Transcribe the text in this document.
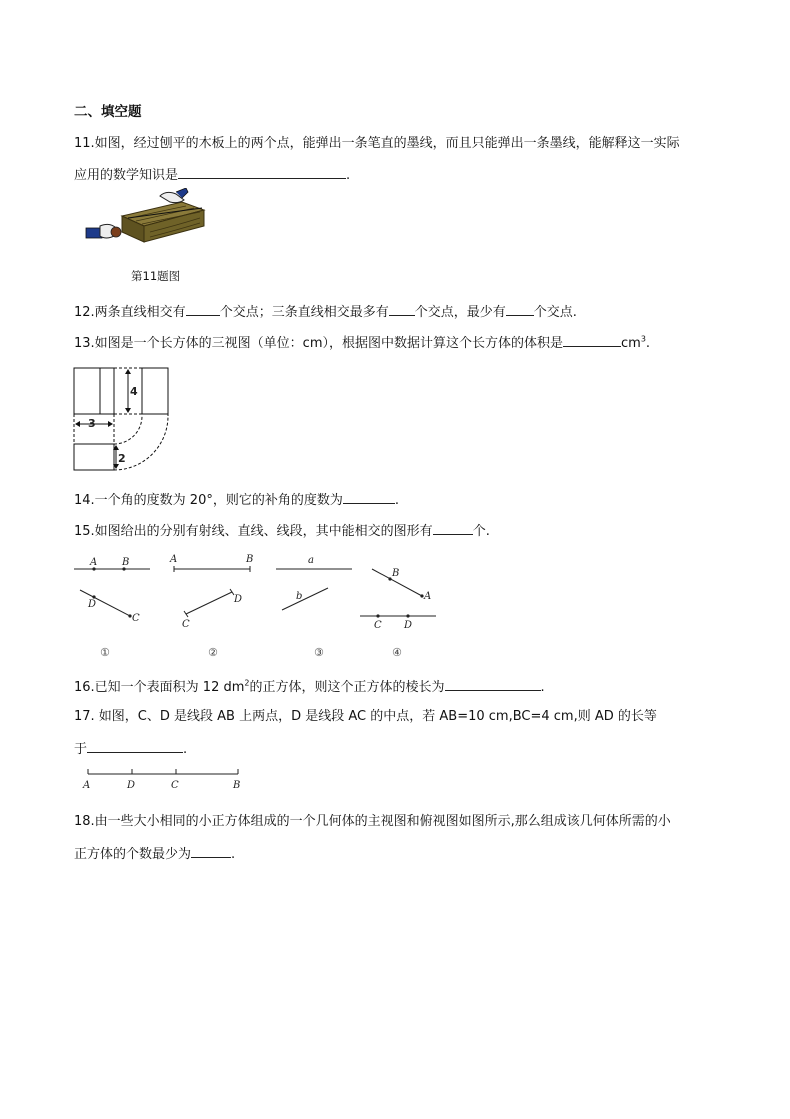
二、填空题
11.如图，经过刨平的木板上的两个点，能弹出一条笔直的墨线，而且只能弹出一条墨线，能解释这一实际
应用的数学知识是	.
第11题图
12.两条直线相交有	个交点；三条直线相交最多有 个交点，最少有 个交点.
13.如图是一个长方体的三视图（单位：cm），根据图中数据计算这个长方体的体积是	$cm^3$.
4
3
2
14.一个角的度数为 20°，则它的补角的度数为	.
15.如图给出的分别有射线、直线、线段，其中能相交的图形有	个.
A B
D
C
①
A	B
D
C
②
a
b
③
B
A
C D
④
16.已知一个表面积为 12 $dm^2$的正方体，则这个正方体的棱长为	.
17. 如图，C、D 是线段 AB 上两点，D 是线段 AC 的中点，若 AB=10 cm,BC=4 cm,则 AD 的长等
于	.
A	D	C	B
18.由一些大小相同的小正方体组成的一个几何体的主视图和俯视图如图所示,那么组成该几何体所需的小
正方体的个数最少为	.
